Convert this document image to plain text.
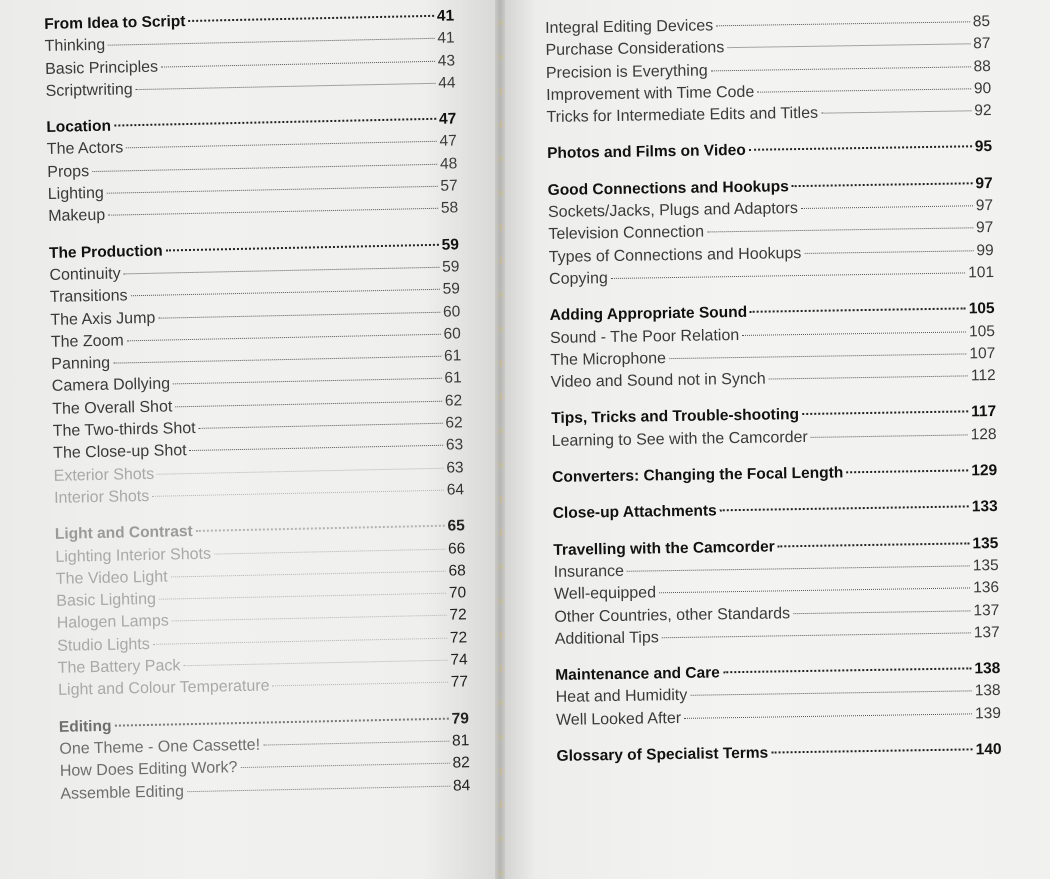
From Idea to Script	41
Thinking	41
Basic Principles	43
Scriptwriting	44
Location	47
The Actors	47
Props	48
Lighting	57
Makeup	58
The Production	59
Continuity	59
Transitions	59
The Axis Jump	60
The Zoom	60
Panning	61
Camera Dollying	61
The Overall Shot	62
The Two-thirds Shot	62
The Close-up Shot	63
Exterior Shots	63
Interior Shots	64
Light and Contrast	65
Lighting Interior Shots	66
The Video Light	68
Basic Lighting	70
Halogen Lamps	72
Studio Lights	72
The Battery Pack	74
Light and Colour Temperature	77
Editing	79
One Theme - One Cassette!	81
How Does Editing Work?	82
Assemble Editing	84
Integral Editing Devices	85
Purchase Considerations	87
Precision is Everything	88
Improvement with Time Code	90
Tricks for Intermediate Edits and Titles	92
Photos and Films on Video	95
Good Connections and Hookups	97
Sockets/Jacks, Plugs and Adaptors	97
Television Connection	97
Types of Connections and Hookups	99
Copying	101
Adding Appropriate Sound	105
Sound - The Poor Relation	105
The Microphone	107
Video and Sound not in Synch	112
Tips, Tricks and Trouble-shooting	117
Learning to See with the Camcorder	128
Converters: Changing the Focal Length	129
Close-up Attachments	133
Travelling with the Camcorder	135
Insurance	135
Well-equipped	136
Other Countries, other Standards	137
Additional Tips	137
Maintenance and Care	138
Heat and Humidity	138
Well Looked After	139
Glossary of Specialist Terms	140
